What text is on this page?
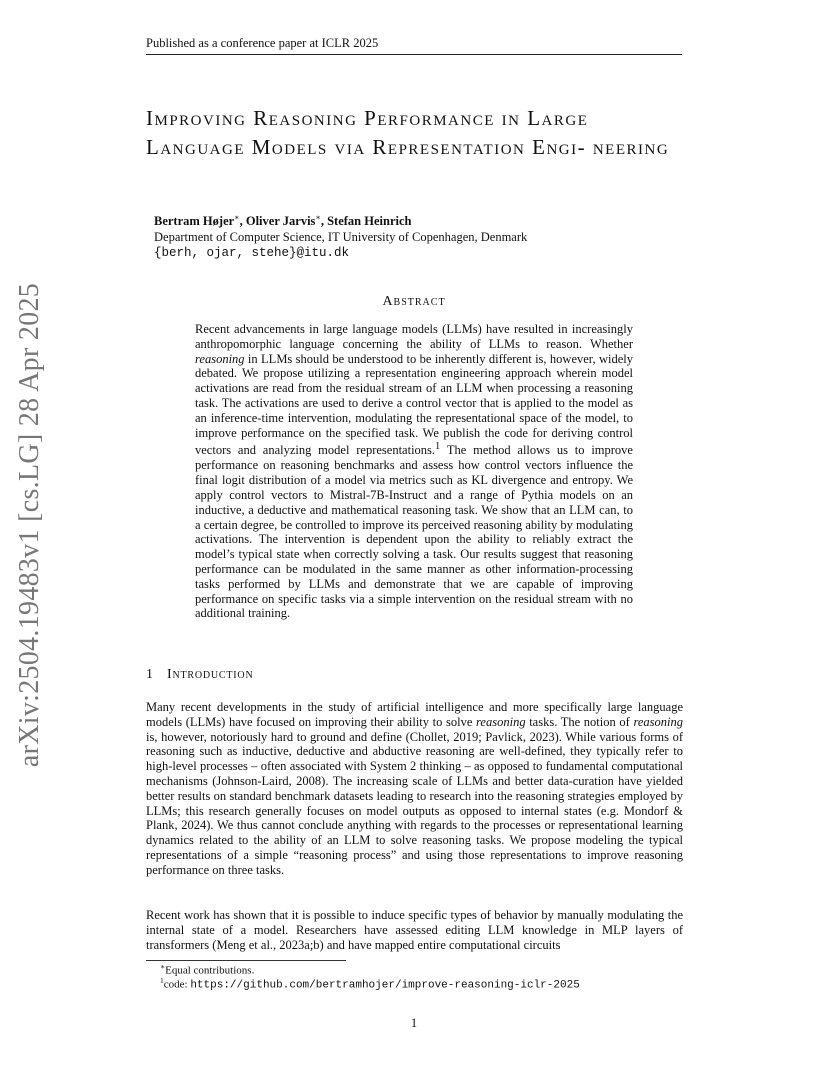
Published as a conference paper at ICLR 2025
arXiv:2504.19483v1 [cs.LG] 28 Apr 2025
Improving Reasoning Performance in Large Language Models via Representation Engi- neering
Bertram Højer∗, Oliver Jarvis∗, Stefan Heinrich
Department of Computer Science, IT University of Copenhagen, Denmark
{berh, ojar, stehe}@itu.dk
Abstract
Recent advancements in large language models (LLMs) have resulted in increasingly anthropomorphic language concerning the ability of LLMs to reason. Whether reasoning in LLMs should be understood to be inherently different is, however, widely debated. We propose utilizing a representation engineering approach wherein model activations are read from the residual stream of an LLM when processing a reasoning task. The activations are used to derive a control vector that is applied to the model as an inference-time intervention, modulating the representational space of the model, to improve performance on the specified task. We publish the code for deriving control vectors and analyzing model representations.$^1$ The method allows us to improve performance on reasoning benchmarks and assess how control vectors influence the final logit distribution of a model via metrics such as KL divergence and entropy. We apply control vectors to Mistral-7B-Instruct and a range of Pythia models on an inductive, a deductive and mathematical reasoning task. We show that an LLM can, to a certain degree, be controlled to improve its perceived reasoning ability by modulating activations. The intervention is dependent upon the ability to reliably extract the model’s typical state when correctly solving a task. Our results suggest that reasoning performance can be modulated in the same manner as other information-processing tasks performed by LLMs and demonstrate that we are capable of improving performance on specific tasks via a simple intervention on the residual stream with no additional training.
1 Introduction
Many recent developments in the study of artificial intelligence and more specifically large language models (LLMs) have focused on improving their ability to solve reasoning tasks. The notion of reasoning is, however, notoriously hard to ground and define (Chollet, 2019; Pavlick, 2023). While various forms of reasoning such as inductive, deductive and abductive reasoning are well-defined, they typically refer to high-level processes – often associated with System 2 thinking – as opposed to fundamental computational mechanisms (Johnson-Laird, 2008). The increasing scale of LLMs and better data-curation have yielded better results on standard benchmark datasets leading to research into the reasoning strategies employed by LLMs; this research generally focuses on model outputs as opposed to internal states (e.g. Mondorf & Plank, 2024). We thus cannot conclude anything with regards to the processes or representational learning dynamics related to the ability of an LLM to solve reasoning tasks. We propose modeling the typical representations of a simple “reasoning process” and using those representations to improve reasoning performance on three tasks.
Recent work has shown that it is possible to induce specific types of behavior by manually modulating the internal state of a model. Researchers have assessed editing LLM knowledge in MLP layers of transformers (Meng et al., 2023a;b) and have mapped entire computational circuits
∗Equal contributions.
$^1$code: https://github.com/bertramhojer/improve-reasoning-iclr-2025
1
